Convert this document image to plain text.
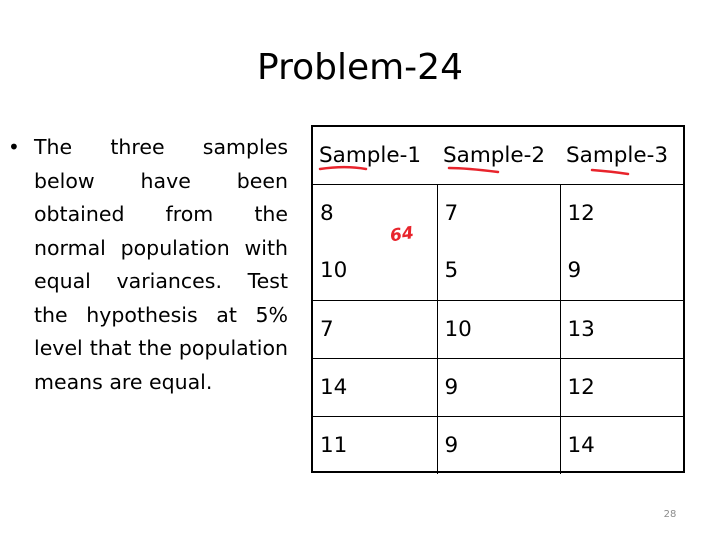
Problem-24
• The three samples below have been obtained from the normal population with equal variances. Test the hypothesis at 5% level that the population means are equal.
Sample-1	Sample-2	Sample-3
8	7	12
10	5	9
7	10	13
14	9	12
11	9	14
64
28
